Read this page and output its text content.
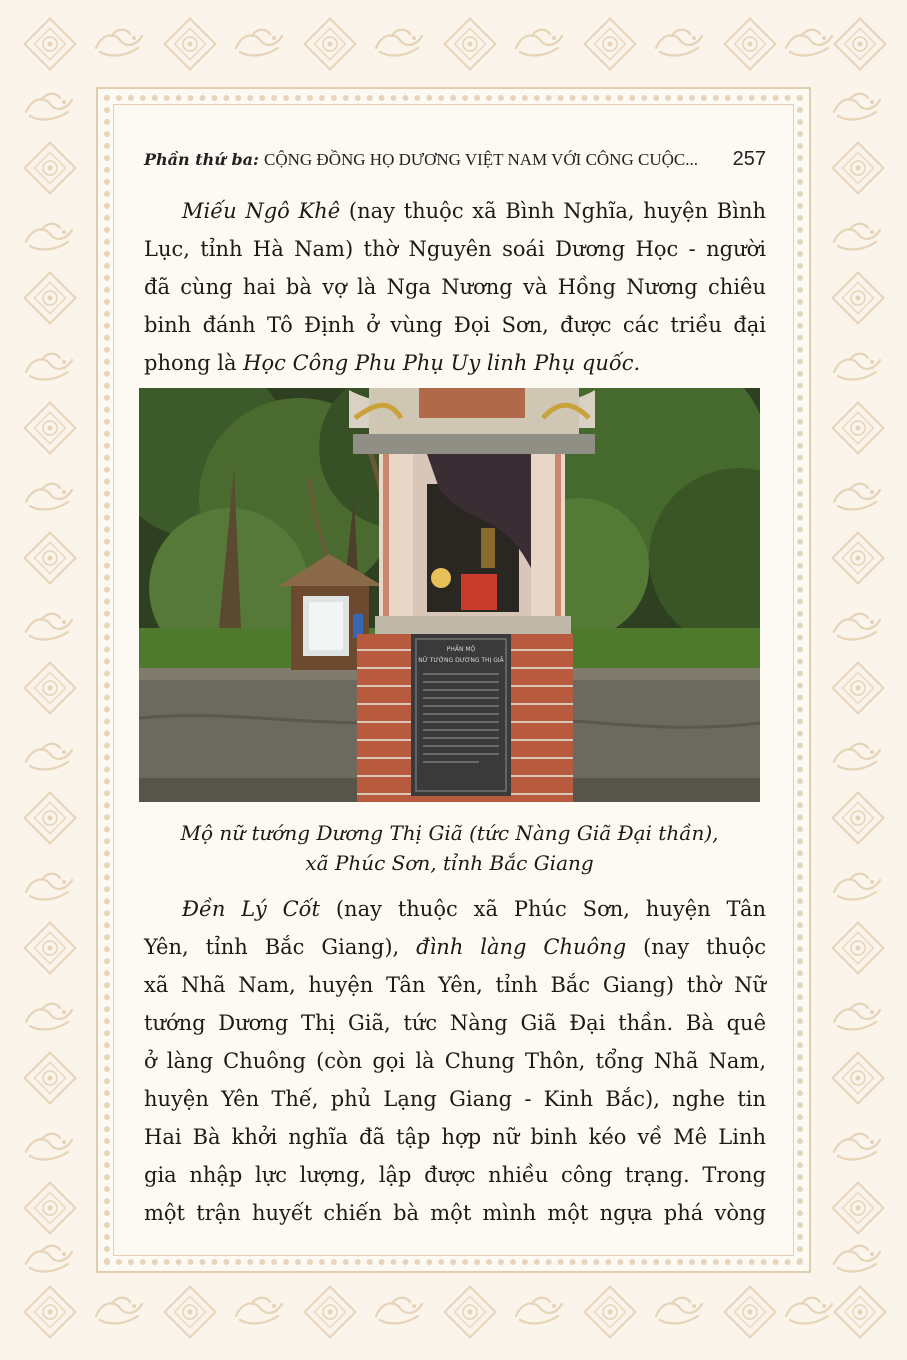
Phần thứ ba: CỘNG ĐỒNG HỌ DƯƠNG VIỆT NAM VỚI CÔNG CUỘC... 257
Miếu Ngô Khê (nay thuộc xã Bình Nghĩa, huyện Bình
Lục, tỉnh Hà Nam) thờ Nguyên soái Dương Học - người
đã cùng hai bà vợ là Nga Nương và Hồng Nương chiêu
binh đánh Tô Định ở vùng Đọi Sơn, được các triều đại
phong là Học Công Phu Phụ Uy linh Phụ quốc.
PHẦN MỘ
NỮ TƯỚNG DƯƠNG THỊ GIÃ
Mộ nữ tướng Dương Thị Giã (tức Nàng Giã Đại thần),
xã Phúc Sơn, tỉnh Bắc Giang
Đền Lý Cốt (nay thuộc xã Phúc Sơn, huyện Tân
Yên, tỉnh Bắc Giang), đình làng Chuông (nay thuộc
xã Nhã Nam, huyện Tân Yên, tỉnh Bắc Giang) thờ Nữ
tướng Dương Thị Giã, tức Nàng Giã Đại thần. Bà quê
ở làng Chuông (còn gọi là Chung Thôn, tổng Nhã Nam,
huyện Yên Thế, phủ Lạng Giang - Kinh Bắc), nghe tin
Hai Bà khởi nghĩa đã tập hợp nữ binh kéo về Mê Linh
gia nhập lực lượng, lập được nhiều công trạng. Trong
một trận huyết chiến bà một mình một ngựa phá vòng
